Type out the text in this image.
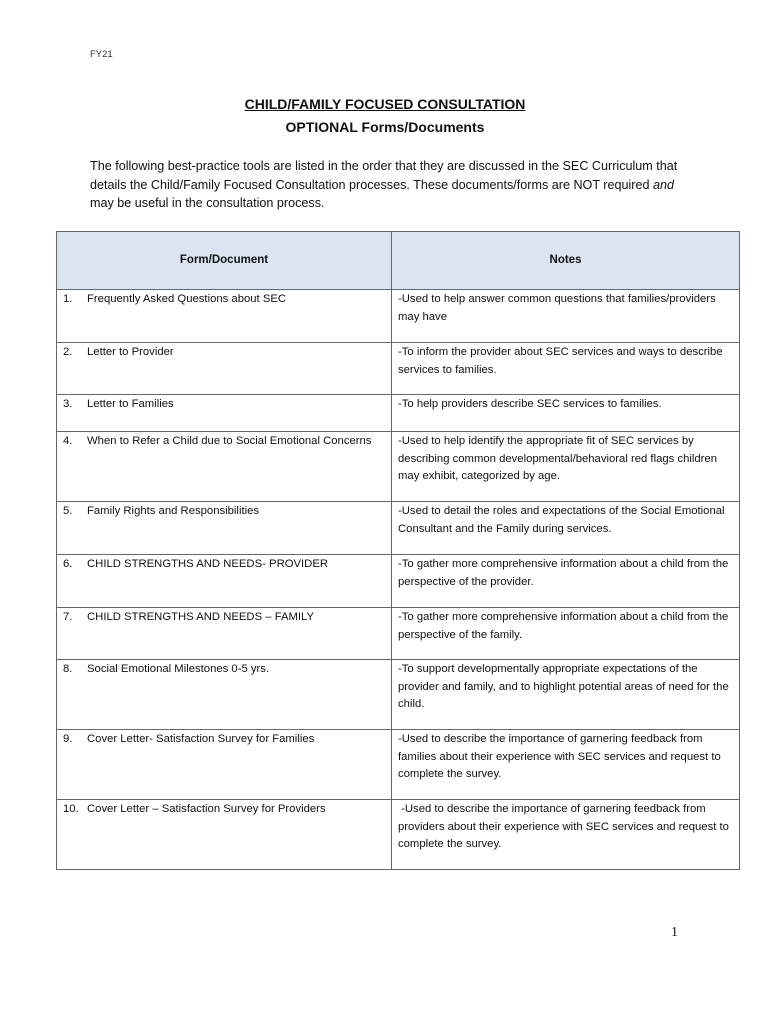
FY21
CHILD/FAMILY FOCUSED CONSULTATION
OPTIONAL Forms/Documents
The following best-practice tools are listed in the order that they are discussed in the SEC Curriculum that details the Child/Family Focused Consultation processes. These documents/forms are NOT required and may be useful in the consultation process.
Form/Document	Notes

1. Frequently Asked Questions about SEC	-Used to help answer common questions that families/providers may have

2. Letter to Provider	-To inform the provider about SEC services and ways to describe services to families.

3. Letter to Families	-To help providers describe SEC services to families.

4. When to Refer a Child due to Social Emotional Concerns	-Used to help identify the appropriate fit of SEC services by describing common developmental/behavioral red flags children may exhibit, categorized by age.

5. Family Rights and Responsibilities	-Used to detail the roles and expectations of the Social Emotional Consultant and the Family during services.

6. CHILD STRENGTHS AND NEEDS- PROVIDER	-To gather more comprehensive information about a child from the perspective of the provider.

7. CHILD STRENGTHS AND NEEDS – FAMILY	-To gather more comprehensive information about a child from the perspective of the family.

8. Social Emotional Milestones 0-5 yrs.	-To support developmentally appropriate expectations of the provider and family, and to highlight potential areas of need for the child.

9. Cover Letter- Satisfaction Survey for Families	-Used to describe the importance of garnering feedback from families about their experience with SEC services and request to complete the survey.

10. Cover Letter – Satisfaction Survey for Providers	-Used to describe the importance of garnering feedback from providers about their experience with SEC services and request to complete the survey.
1
